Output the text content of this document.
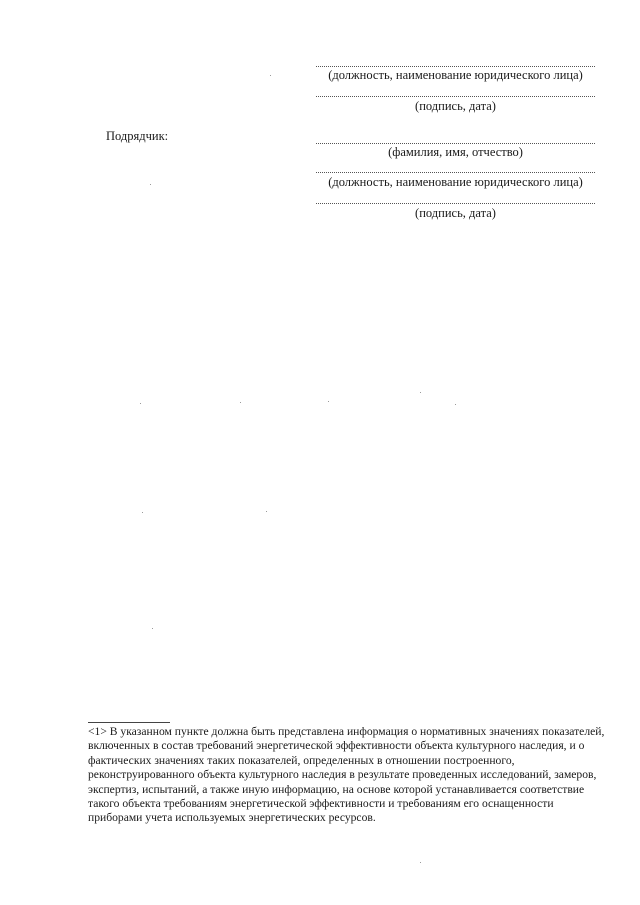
(должность, наименование юридического лица)
(подпись, дата)
Подрядчик:
(фамилия, имя, отчество)
(должность, наименование юридического лица)
(подпись, дата)
<1> В указанном пункте должна быть представлена информация о нормативных значениях показателей, включенных в состав требований энергетической эффективности объекта культурного наследия, и о фактических значениях таких показателей, определенных в отношении построенного, реконструированного объекта культурного наследия в результате проведенных исследований, замеров, экспертиз, испытаний, а также иную информацию, на основе которой устанавливается соответствие такого объекта требованиям энергетической эффективности и требованиям его оснащенности приборами учета используемых энергетических ресурсов.
